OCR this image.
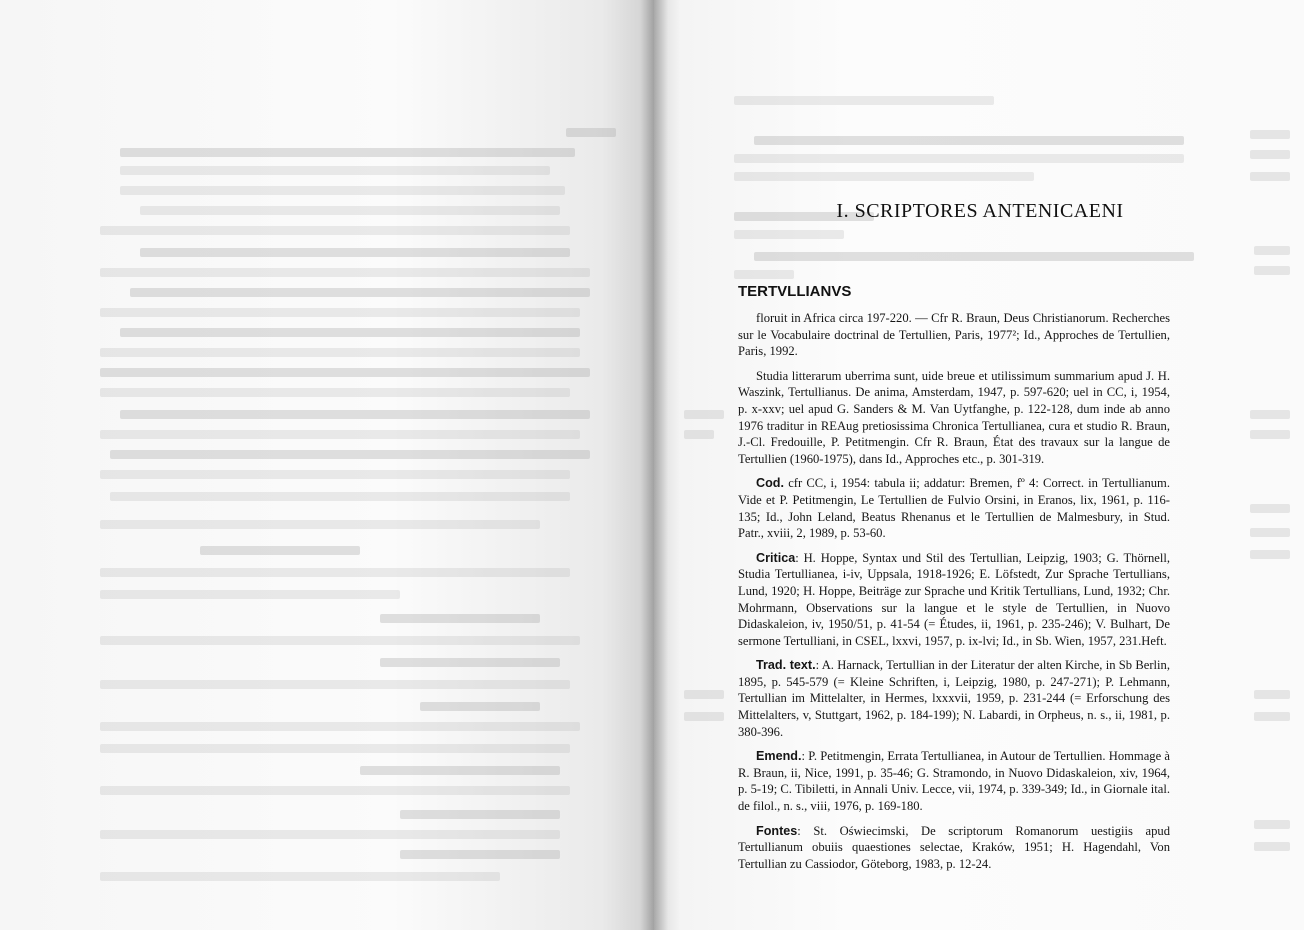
I. SCRIPTORES ANTENICAENI
TERTVLLIANVS

floruit in Africa circa 197-220. — Cfr R. Braun, Deus Christianorum. Recherches sur le Vocabulaire doctrinal de Tertullien, Paris, 1977²; Id., Approches de Tertullien, Paris, 1992.

Studia litterarum uberrima sunt, uide breue et utilissimum summarium apud J. H. Waszink, Tertullianus. De anima, Amsterdam, 1947, p. 597-620; uel in CC, i, 1954, p. x-xxv; uel apud G. Sanders & M. Van Uytfanghe, p. 122-128, dum inde ab anno 1976 traditur in REAug pretiosissima Chronica Tertullianea, cura et studio R. Braun, J.-Cl. Fredouille, P. Petitmengin. Cfr R. Braun, État des travaux sur la langue de Tertullien (1960-1975), dans Id., Approches etc., p. 301-319.

Cod. cfr CC, i, 1954: tabula ii; addatur: Bremen, fº 4: Correct. in Tertullianum. Vide et P. Petitmengin, Le Tertullien de Fulvio Orsini, in Eranos, lix, 1961, p. 116-135; Id., John Leland, Beatus Rhenanus et le Tertullien de Malmesbury, in Stud. Patr., xviii, 2, 1989, p. 53-60.

Critica: H. Hoppe, Syntax und Stil des Tertullian, Leipzig, 1903; G. Thörnell, Studia Tertullianea, i-iv, Uppsala, 1918-1926; E. Löfstedt, Zur Sprache Tertullians, Lund, 1920; H. Hoppe, Beiträge zur Sprache und Kritik Tertullians, Lund, 1932; Chr. Mohrmann, Observations sur la langue et le style de Tertullien, in Nuovo Didaskaleion, iv, 1950/51, p. 41-54 (= Études, ii, 1961, p. 235-246); V. Bulhart, De sermone Tertulliani, in CSEL, lxxvi, 1957, p. ix-lvi; Id., in Sb. Wien, 1957, 231.Heft.

Trad. text.: A. Harnack, Tertullian in der Literatur der alten Kirche, in Sb Berlin, 1895, p. 545-579 (= Kleine Schriften, i, Leipzig, 1980, p. 247-271); P. Lehmann, Tertullian im Mittelalter, in Hermes, lxxxvii, 1959, p. 231-244 (= Erforschung des Mittelalters, v, Stuttgart, 1962, p. 184-199); N. Labardi, in Orpheus, n. s., ii, 1981, p. 380-396.

Emend.: P. Petitmengin, Errata Tertullianea, in Autour de Tertullien. Hommage à R. Braun, ii, Nice, 1991, p. 35-46; G. Stramondo, in Nuovo Didaskaleion, xiv, 1964, p. 5-19; C. Tibiletti, in Annali Univ. Lecce, vii, 1974, p. 339-349; Id., in Giornale ital. de filol., n. s., viii, 1976, p. 169-180.

Fontes: St. Oświecimski, De scriptorum Romanorum uestigiis apud Tertullianum obuiis quaestiones selectae, Kraków, 1951; H. Hagendahl, Von Tertullian zu Cassiodor, Göteborg, 1983, p. 12-24.
